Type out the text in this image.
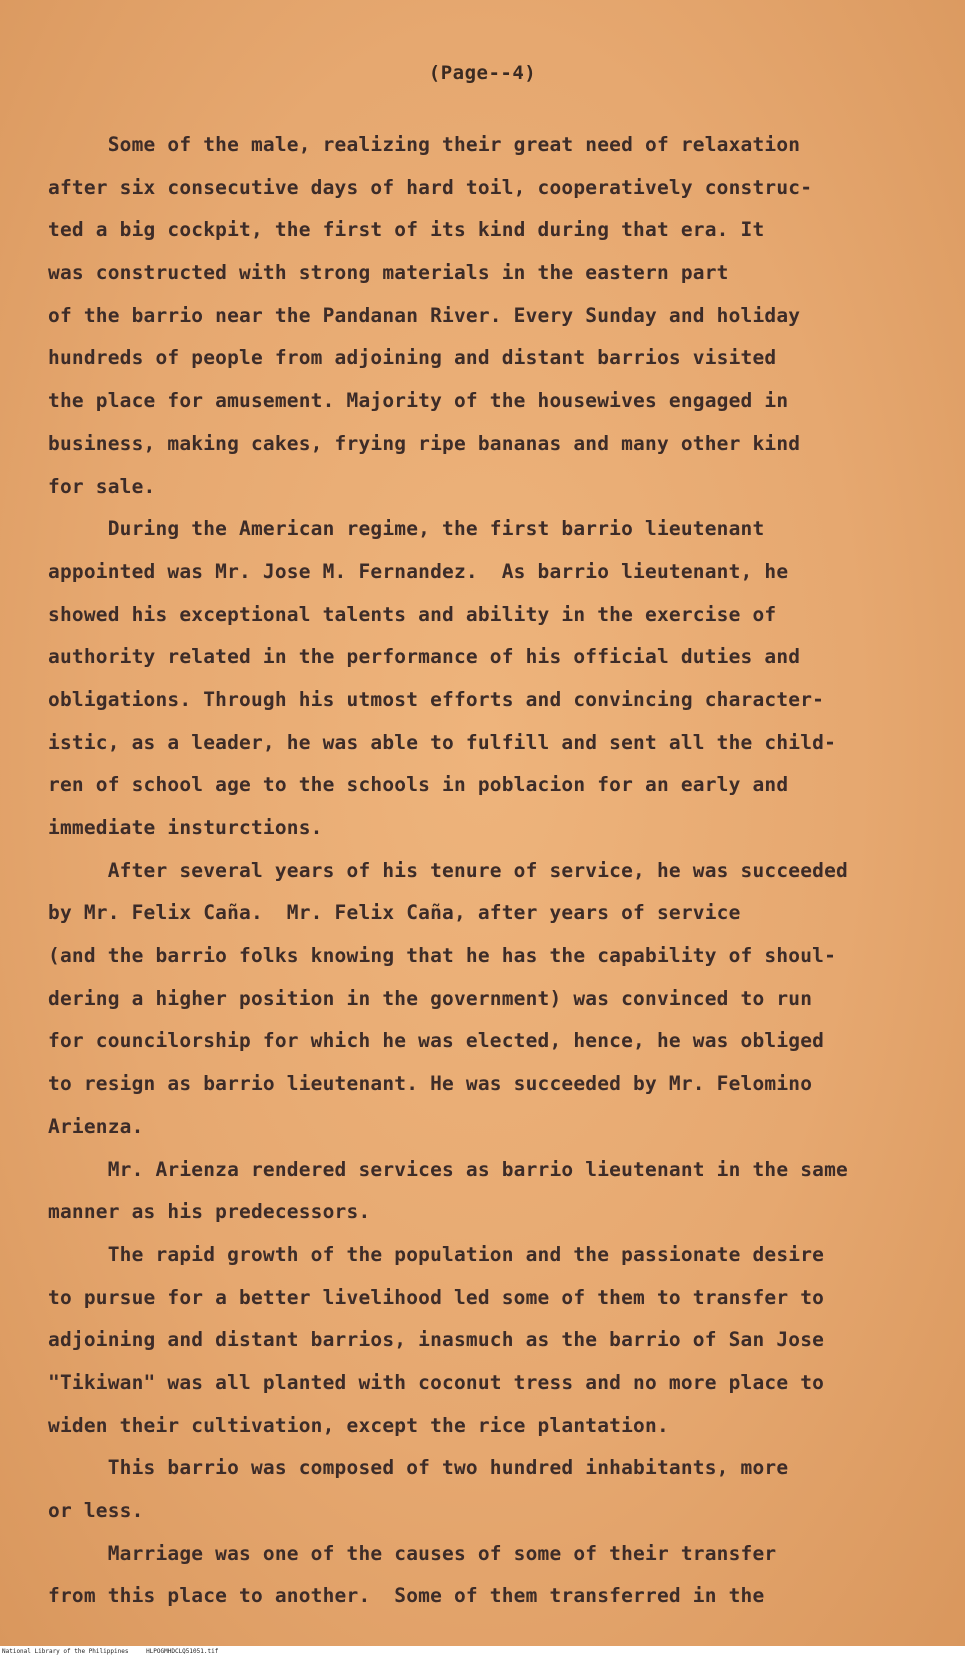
(Page--4)
Some of the male, realizing their great need of relaxation
after six consecutive days of hard toil, cooperatively construc-
ted a big cockpit, the first of its kind during that era. It
was constructed with strong materials in the eastern part
of the barrio near the Pandanan River. Every Sunday and holiday
hundreds of people from adjoining and distant barrios visited
the place for amusement. Majority of the housewives engaged in
business, making cakes, frying ripe bananas and many other kind
for sale.
During the American regime, the first barrio lieutenant
appointed was Mr. Jose M. Fernandez.  As barrio lieutenant, he
showed his exceptional talents and ability in the exercise of
authority related in the performance of his official duties and
obligations. Through his utmost efforts and convincing character-
istic, as a leader, he was able to fulfill and sent all the child-
ren of school age to the schools in poblacion for an early and
immediate insturctions.
After several years of his tenure of service, he was succeeded
by Mr. Felix Caña.  Mr. Felix Caña, after years of service
(and the barrio folks knowing that he has the capability of shoul-
dering a higher position in the government) was convinced to run
for councilorship for which he was elected, hence, he was obliged
to resign as barrio lieutenant. He was succeeded by Mr. Felomino
Arienza.
Mr. Arienza rendered services as barrio lieutenant in the same
manner as his predecessors.
The rapid growth of the population and the passionate desire
to pursue for a better livelihood led some of them to transfer to
adjoining and distant barrios, inasmuch as the barrio of San Jose
"Tikiwan" was all planted with coconut tress and no more place to
widen their cultivation, except the rice plantation.
This barrio was composed of two hundred inhabitants, more
or less.
Marriage was one of the causes of some of their transfer
from this place to another.  Some of them transferred in the
National Library of the Philippines	HLPOGMHDCLQ51051.tif
